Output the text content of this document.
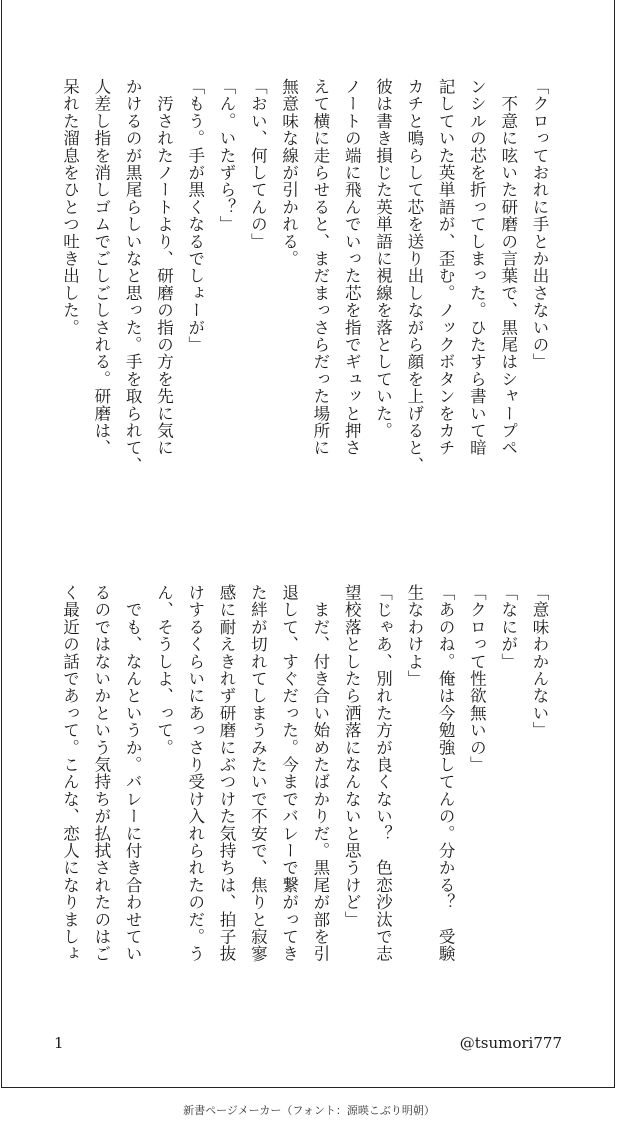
「クロっておれに手とか出さないの」
　不意に呟いた研磨の言葉で、黒尾はシャープペ
ンシルの芯を折ってしまった。ひたすら書いて暗
記していた英単語が、歪む。ノックボタンをカチ
カチと鳴らして芯を送り出しながら顔を上げると、
彼は書き損じた英単語に視線を落としていた。
ノートの端に飛んでいった芯を指でギュッと押さ
えて横に走らせると、まだまっさらだった場所に
無意味な線が引かれる。
「おい、何してんの」
「ん。いたずら？」
「もう。手が黒くなるでしょーが」
　汚されたノートより、研磨の指の方を先に気に
かけるのが黒尾らしいなと思った。手を取られて、
人差し指を消しゴムでごしごしされる。研磨は、
呆れた溜息をひとつ吐き出した。
「意味わかんない」
「なにが」
「クロって性欲無いの」
「あのね。俺は今勉強してんの。分かる？　受験
生なわけよ」
「じゃあ、別れた方が良くない？　色恋沙汰で志
望校落としたら洒落になんないと思うけど」
　まだ、付き合い始めたばかりだ。黒尾が部を引
退して、すぐだった。今までバレーで繋がってき
た絆が切れてしまうみたいで不安で、焦りと寂寥
感に耐えきれず研磨にぶつけた気持ちは、拍子抜
けするくらいにあっさり受け入れられたのだ。う
ん、そうしよ、って。
　でも、なんというか。バレーに付き合わせてい
るのではないかという気持ちが払拭されたのはご
く最近の話であって。こんな、恋人になりましょ
1	@tsumori777
新書ページメーカー（フォント：源暎こぶり明朝）
